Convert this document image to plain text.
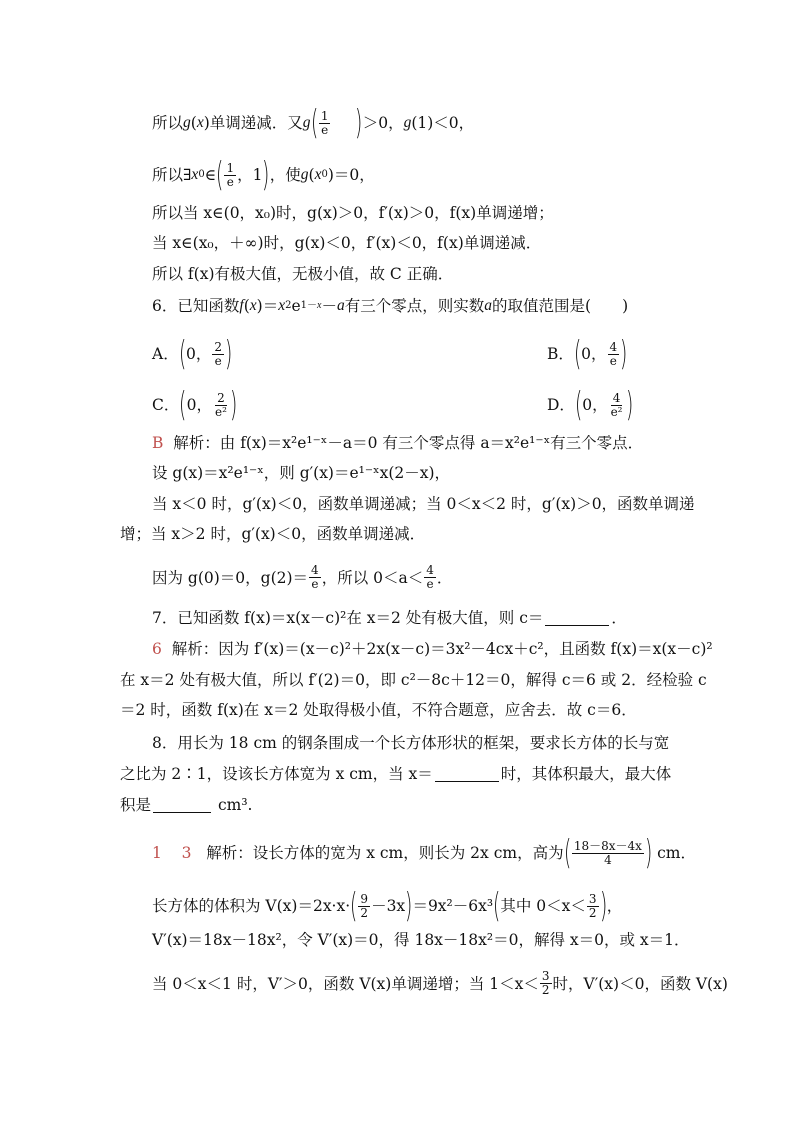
所以 g ( x ) 单调递减．又 g ( $\frac{1}{e}$ ) ＞0， g (1)＜0，
所以∃ x 0 ∈ ( $\frac{1}{e}$ ， 1 ) ，使 g ( x 0 ) ＝0，
所以当 x∈(0，x₀)时，g(x)＞0，f′(x)＞0，f(x)单调递增；
当 x∈(x₀，＋∞)时，g(x)＜0，f′(x)＜0，f(x)单调递减．
所以 f(x)有极大值，无极小值，故 C 正确．
6．已知函数 f ( x )＝ x 2 e 1－x － a 有三个零点，则实数 a 的取值范围是(　　)
A． ( 0， $\frac{2}{e}$ )	B． ( 0， $\frac{4}{e}$ )
C． ( 0， $\frac{2}{\text{e²}}$ )	D． ( 0， $\frac{4}{\text{e²}}$ )
B
解析： 由 f(x)＝x²e¹⁻ˣ－a＝0 有三个零点得 a＝x²e¹⁻ˣ有三个零点．
设 g(x)＝x²e¹⁻ˣ，则 g′(x)＝e¹⁻ˣx(2－x)，
当 x＜0 时，g′(x)＜0，函数单调递减；当 0＜x＜2 时，g′(x)＞0，函数单调递
增；当 x＞2 时，g′(x)＜0，函数单调递减．
因为 g(0)＝0，$g(2)= \frac{4}{e}$ ，所以 $0<a< \frac{4}{e}$ ．
7．已知函数 f(x)＝x(x－c)²在 x＝2 处有极大值，则 c＝	．
6
解析： 因为 f′(x)＝(x－c)²＋2x(x－c)＝3x²－4cx＋c²，且函数 f(x)＝x(x－c)²
在 x＝2 处有极大值，所以 f′(2)＝0，即 c²－8c＋12＝0，解得 c＝6 或 2．经检验 c
＝2 时，函数 f(x)在 x＝2 处取得极小值，不符合题意，应舍去．故 c＝6．
8．用长为 18 cm 的钢条围成一个长方体形状的框架，要求长方体的长与宽
之比为 2∶1，设该长方体宽为 x cm，当 x＝	时，其体积最大，最大体
积是
	cm³.
1
3
解析： 设长方体的宽为 x cm，则长为 2x cm，高为 ( $\frac{18-8x-4x}{4}$ )
cm．
长方体的体积为 V(x)＝2x·x· ( $\frac{9}{2} -3x$ ) ＝9x²－6x³ ( 其中 $0<x< \frac{3}{2}$ ) ，
V′(x)＝18x－18x²，令 V′(x)＝0，得 18x－18x²＝0，解得 x＝0，或 x＝1．
当 0＜x＜1 时，V′＞0，函数 V(x)单调递增；当 $1<x< \frac{3}{2}$ 时，V′(x)＜0，函数 V(x)
